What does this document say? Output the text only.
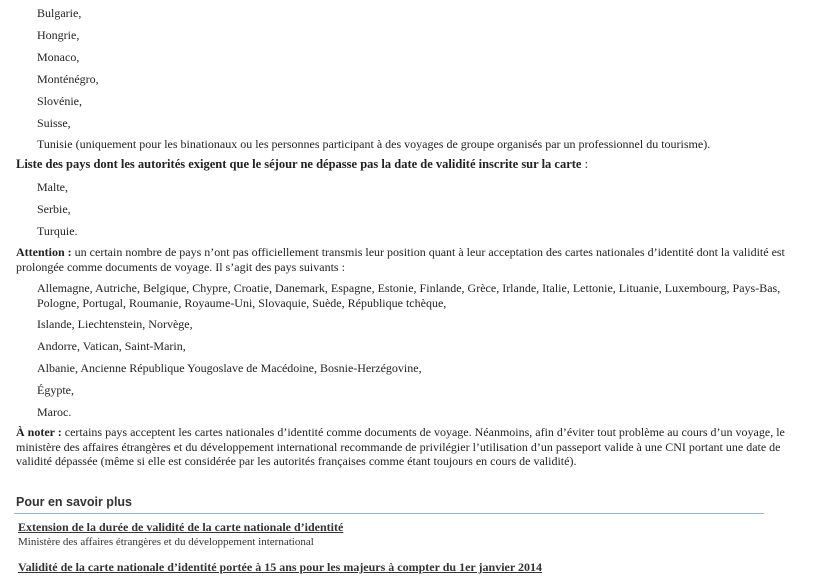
Bulgarie,
Hongrie,
Monaco,
Monténégro,
Slovénie,
Suisse,
Tunisie (uniquement pour les binationaux ou les personnes participant à des voyages de groupe organisés par un professionnel du tourisme).
Liste des pays dont les autorités exigent que le séjour ne dépasse pas la date de validité inscrite sur la carte :
Malte,
Serbie,
Turquie.
Attention : un certain nombre de pays n’ont pas officiellement transmis leur position quant à leur acceptation des cartes nationales d’identité dont la validité est prolongée comme documents de voyage. Il s’agit des pays suivants :
Allemagne, Autriche, Belgique, Chypre, Croatie, Danemark, Espagne, Estonie, Finlande, Grèce, Irlande, Italie, Lettonie, Lituanie, Luxembourg, Pays-Bas, Pologne, Portugal, Roumanie, Royaume-Uni, Slovaquie, Suède, République tchèque,
Islande, Liechtenstein, Norvège,
Andorre, Vatican, Saint-Marin,
Albanie, Ancienne République Yougoslave de Macédoine, Bosnie-Herzégovine,
Égypte,
Maroc.
À noter : certains pays acceptent les cartes nationales d’identité comme documents de voyage. Néanmoins, afin d’éviter tout problème au cours d’un voyage, le ministère des affaires étrangères et du développement international recommande de privilégier l’utilisation d’un passeport valide à une CNI portant une date de validité dépassée (même si elle est considérée par les autorités françaises comme étant toujours en cours de validité).
Pour en savoir plus
Extension de la durée de validité de la carte nationale d’identité
Ministère des affaires étrangères et du développement international
Validité de la carte nationale d’identité portée à 15 ans pour les majeurs à compter du 1er janvier 2014
